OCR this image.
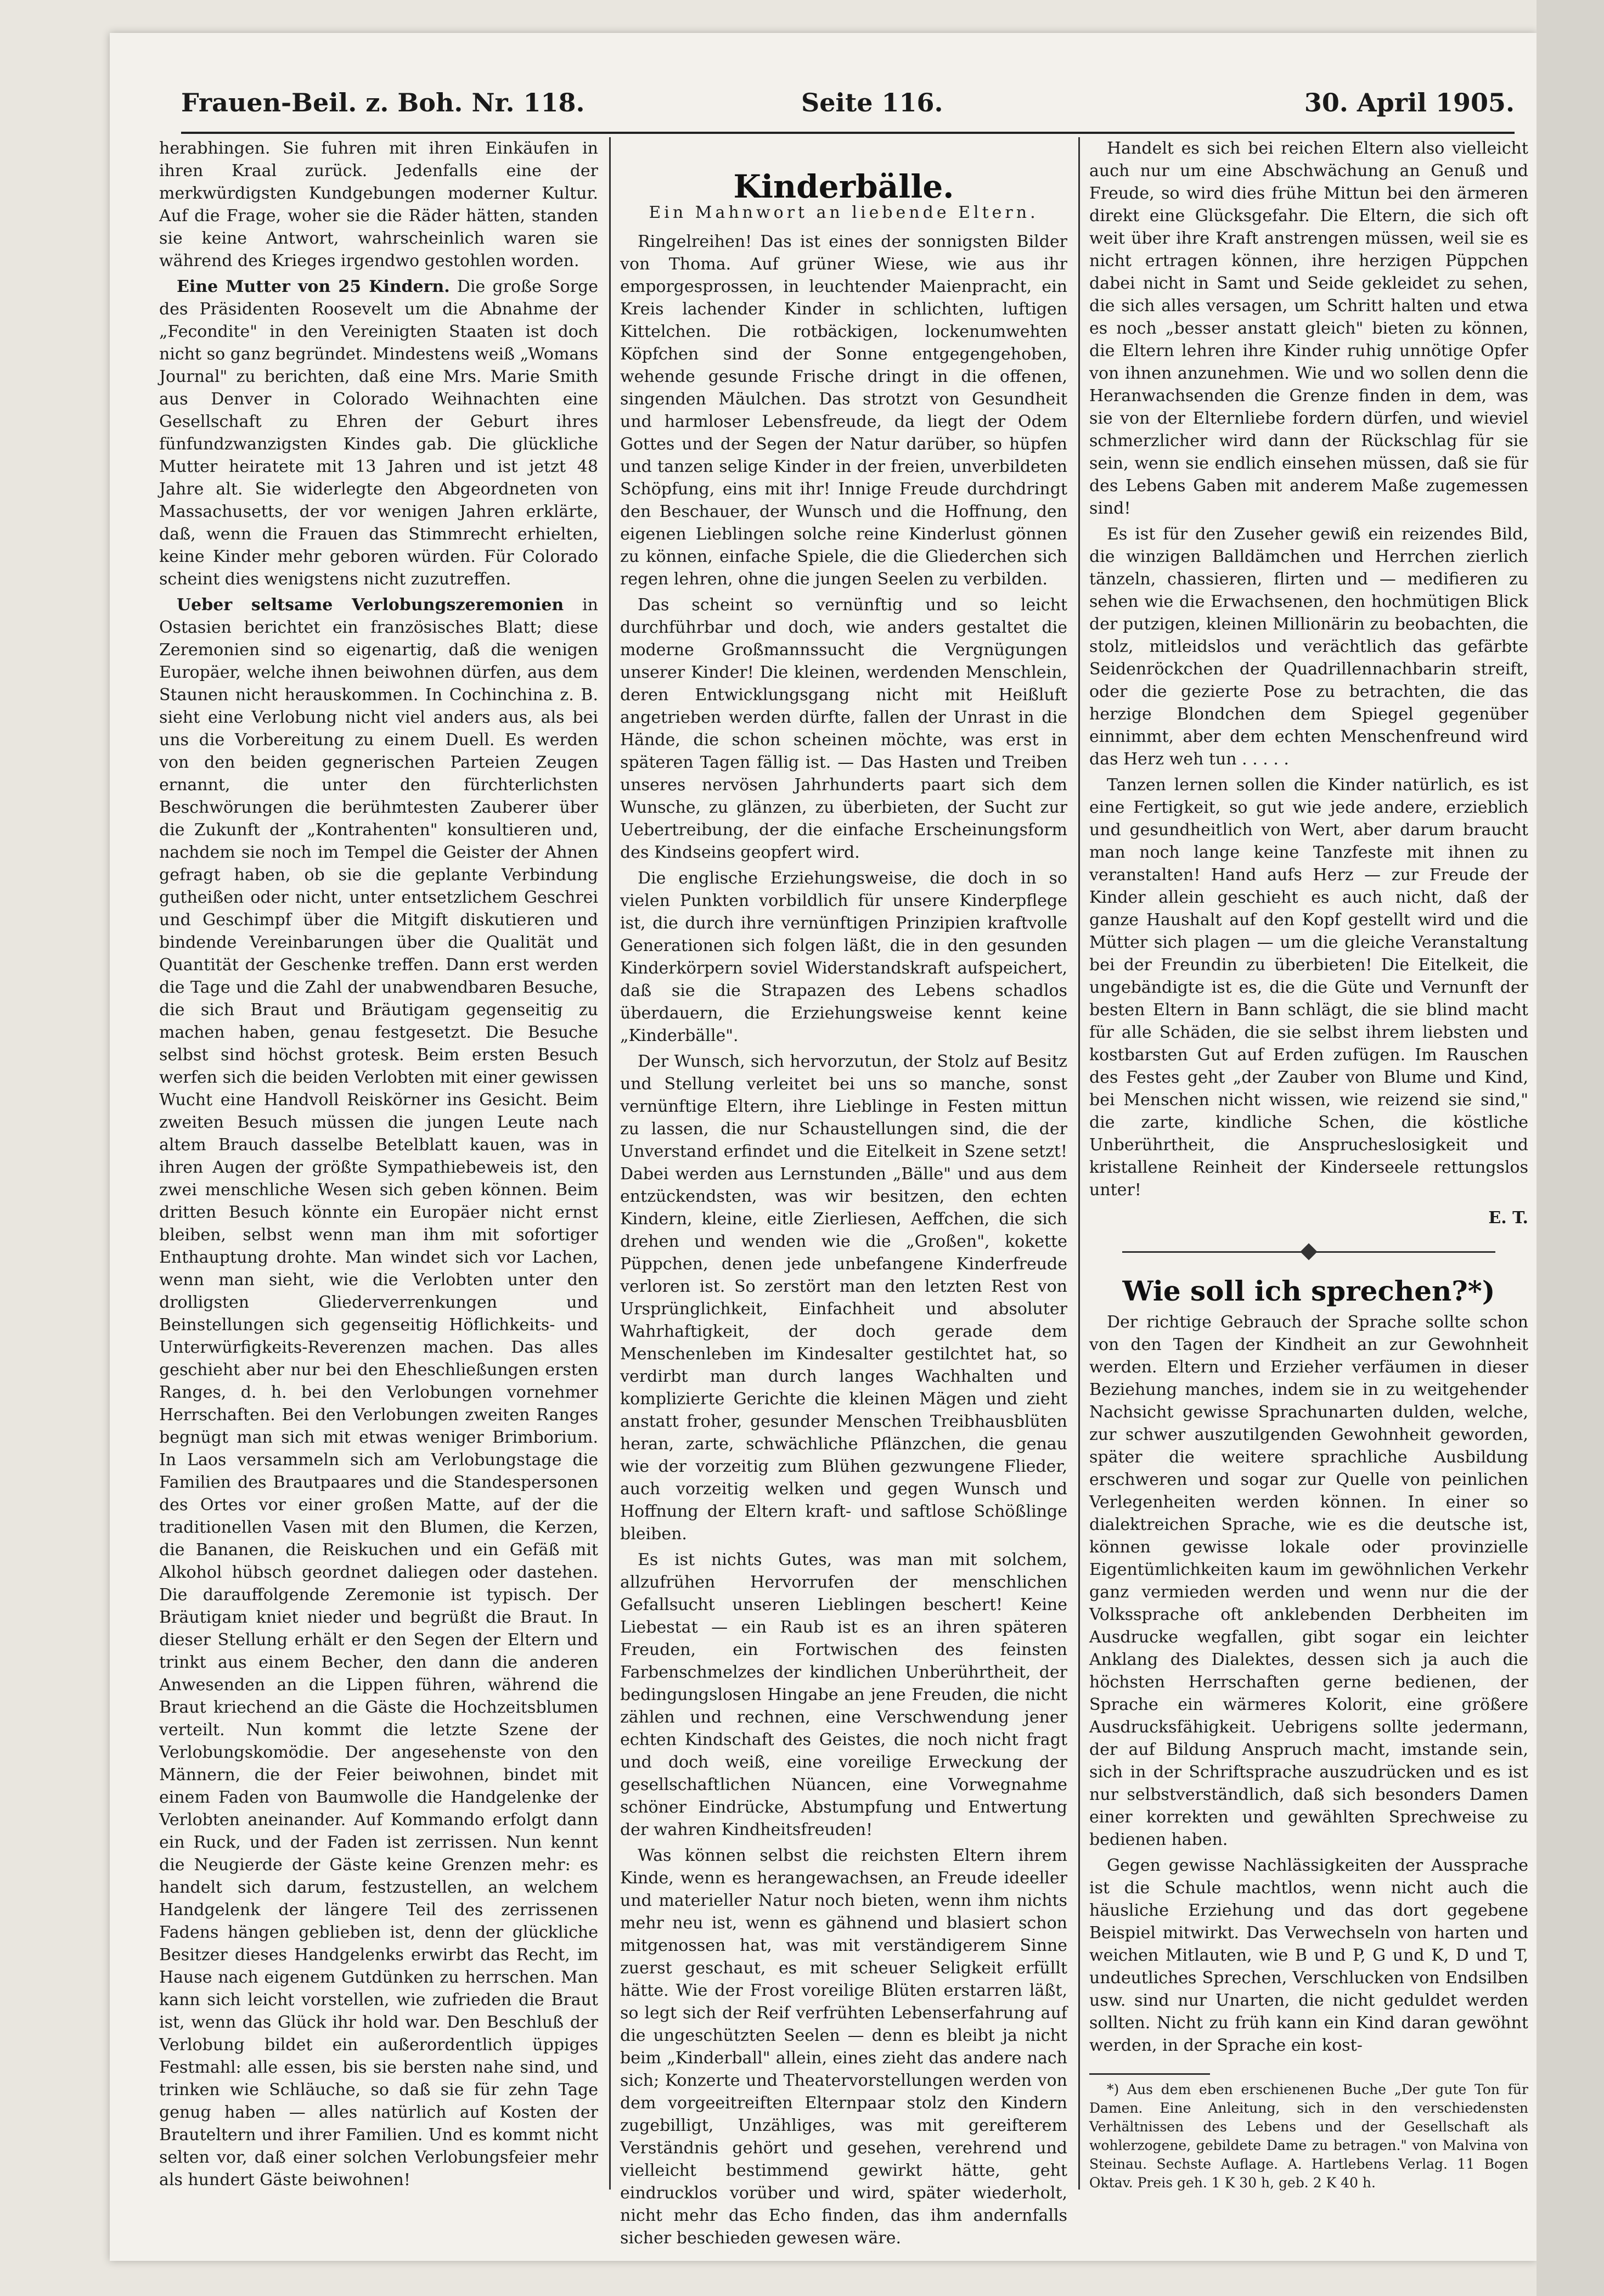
Frauen-Beil. z. Boh. Nr. 118.	Seite 116.	30. April 1905.

herabhingen. Sie fuhren mit ihren Einkäufen in ihren Kraal zurück. Jedenfalls eine der merkwürdigsten Kundgebungen moderner Kultur. Auf die Frage, woher sie die Räder hätten, standen sie keine Antwort, wahrscheinlich waren sie während des Krieges irgendwo gestohlen worden.

Eine Mutter von 25 Kindern. Die große Sorge des Präsidenten Roosevelt um die Abnahme der „Fecondite" in den Vereinigten Staaten ist doch nicht so ganz begründet. Mindestens weiß „Womans Journal" zu berichten, daß eine Mrs. Marie Smith aus Denver in Colorado Weihnachten eine Gesellschaft zu Ehren der Geburt ihres fünfundzwanzigsten Kindes gab. Die glückliche Mutter heiratete mit 13 Jahren und ist jetzt 48 Jahre alt. Sie widerlegte den Abgeordneten von Massachusetts, der vor wenigen Jahren erklärte, daß, wenn die Frauen das Stimmrecht erhielten, keine Kinder mehr geboren würden. Für Colorado scheint dies wenigstens nicht zuzutreffen.

Ueber seltsame Verlobungszeremonien in Ostasien berichtet ein französisches Blatt; diese Zeremonien sind so eigenartig, daß die wenigen Europäer, welche ihnen beiwohnen dürfen, aus dem Staunen nicht herauskommen. In Cochinchina z. B. sieht eine Verlobung nicht viel anders aus, als bei uns die Vorbereitung zu einem Duell. Es werden von den beiden gegnerischen Parteien Zeugen ernannt, die unter den fürchterlichsten Beschwörungen die berühmtesten Zauberer über die Zukunft der „Kontrahenten" konsultieren und, nachdem sie noch im Tempel die Geister der Ahnen gefragt haben, ob sie die geplante Verbindung gutheißen oder nicht, unter entsetzlichem Geschrei und Geschimpf über die Mitgift diskutieren und bindende Vereinbarungen über die Qualität und Quantität der Geschenke treffen. Dann erst werden die Tage und die Zahl der unabwendbaren Besuche, die sich Braut und Bräutigam gegenseitig zu machen haben, genau festgesetzt. Die Besuche selbst sind höchst grotesk. Beim ersten Besuch werfen sich die beiden Verlobten mit einer gewissen Wucht eine Handvoll Reiskörner ins Gesicht. Beim zweiten Besuch müssen die jungen Leute nach altem Brauch dasselbe Betelblatt kauen, was in ihren Augen der größte Sympathiebeweis ist, den zwei menschliche Wesen sich geben können. Beim dritten Besuch könnte ein Europäer nicht ernst bleiben, selbst wenn man ihm mit sofortiger Enthauptung drohte. Man windet sich vor Lachen, wenn man sieht, wie die Verlobten unter den drolligsten Gliederverrenkungen und Beinstellungen sich gegenseitig Höflichkeits- und Unterwürfigkeits-Reverenzen machen. Das alles geschieht aber nur bei den Eheschließungen ersten Ranges, d. h. bei den Verlobungen vornehmer Herrschaften. Bei den Verlobungen zweiten Ranges begnügt man sich mit etwas weniger Brimborium. In Laos versammeln sich am Verlobungstage die Familien des Brautpaares und die Standespersonen des Ortes vor einer großen Matte, auf der die traditionellen Vasen mit den Blumen, die Kerzen, die Bananen, die Reiskuchen und ein Gefäß mit Alkohol hübsch geordnet daliegen oder dastehen. Die darauffolgende Zeremonie ist typisch. Der Bräutigam kniet nieder und begrüßt die Braut. In dieser Stellung erhält er den Segen der Eltern und trinkt aus einem Becher, den dann die anderen Anwesenden an die Lippen führen, während die Braut kriechend an die Gäste die Hochzeitsblumen verteilt. Nun kommt die letzte Szene der Verlobungskomödie. Der angesehenste von den Männern, die der Feier beiwohnen, bindet mit einem Faden von Baumwolle die Handgelenke der Verlobten aneinander. Auf Kommando erfolgt dann ein Ruck, und der Faden ist zerrissen. Nun kennt die Neugierde der Gäste keine Grenzen mehr: es handelt sich darum, festzustellen, an welchem Handgelenk der längere Teil des zerrissenen Fadens hängen geblieben ist, denn der glückliche Besitzer dieses Handgelenks erwirbt das Recht, im Hause nach eigenem Gutdünken zu herrschen. Man kann sich leicht vorstellen, wie zufrieden die Braut ist, wenn das Glück ihr hold war. Den Beschluß der Verlobung bildet ein außerordentlich üppiges Festmahl: alle essen, bis sie bersten nahe sind, und trinken wie Schläuche, so daß sie für zehn Tage genug haben — alles natürlich auf Kosten der Brauteltern und ihrer Familien. Und es kommt nicht selten vor, daß einer solchen Verlobungsfeier mehr als hundert Gäste beiwohnen!

Kinderbälle.
Ein Mahnwort an liebende Eltern.

Ringelreihen! Das ist eines der sonnigsten Bilder von Thoma. Auf grüner Wiese, wie aus ihr emporgesprossen, in leuchtender Maienpracht, ein Kreis lachender Kinder in schlichten, luftigen Kittelchen. Die rotbäckigen, lockenumwehten Köpfchen sind der Sonne entgegengehoben, wehende gesunde Frische dringt in die offenen, singenden Mäulchen. Das strotzt von Gesundheit und harmloser Lebensfreude, da liegt der Odem Gottes und der Segen der Natur darüber, so hüpfen und tanzen selige Kinder in der freien, unverbildeten Schöpfung, eins mit ihr! Innige Freude durchdringt den Beschauer, der Wunsch und die Hoffnung, den eigenen Lieblingen solche reine Kinderlust gönnen zu können, einfache Spiele, die die Gliederchen sich regen lehren, ohne die jungen Seelen zu verbilden.

Das scheint so vernünftig und so leicht durchführbar und doch, wie anders gestaltet die moderne Großmannssucht die Vergnügungen unserer Kinder! Die kleinen, werdenden Menschlein, deren Entwicklungsgang nicht mit Heißluft angetrieben werden dürfte, fallen der Unrast in die Hände, die schon scheinen möchte, was erst in späteren Tagen fällig ist. — Das Hasten und Treiben unseres nervösen Jahrhunderts paart sich dem Wunsche, zu glänzen, zu überbieten, der Sucht zur Uebertreibung, der die einfache Erscheinungsform des Kindseins geopfert wird.

Die englische Erziehungsweise, die doch in so vielen Punkten vorbildlich für unsere Kinderpflege ist, die durch ihre vernünftigen Prinzipien kraftvolle Generationen sich folgen läßt, die in den gesunden Kinderkörpern soviel Widerstandskraft aufspeichert, daß sie die Strapazen des Lebens schadlos überdauern, die Erziehungsweise kennt keine „Kinderbälle".

Der Wunsch, sich hervorzutun, der Stolz auf Besitz und Stellung verleitet bei uns so manche, sonst vernünftige Eltern, ihre Lieblinge in Festen mittun zu lassen, die nur Schaustellungen sind, die der Unverstand erfindet und die Eitelkeit in Szene setzt! Dabei werden aus Lernstunden „Bälle" und aus dem entzückendsten, was wir besitzen, den echten Kindern, kleine, eitle Zierliesen, Aeffchen, die sich drehen und wenden wie die „Großen", kokette Püppchen, denen jede unbefangene Kinderfreude verloren ist. So zerstört man den letzten Rest von Ursprünglichkeit, Einfachheit und absoluter Wahrhaftigkeit, der doch gerade dem Menschenleben im Kindesalter gestilchtet hat, so verdirbt man durch langes Wachhalten und komplizierte Gerichte die kleinen Mägen und zieht anstatt froher, gesunder Menschen Treibhausblüten heran, zarte, schwächliche Pflänzchen, die genau wie der vorzeitig zum Blühen gezwungene Flieder, auch vorzeitig welken und gegen Wunsch und Hoffnung der Eltern kraft- und saftlose Schößlinge bleiben.

Es ist nichts Gutes, was man mit solchem, allzufrühen Hervorrufen der menschlichen Gefallsucht unseren Lieblingen beschert! Keine Liebestat — ein Raub ist es an ihren späteren Freuden, ein Fortwischen des feinsten Farbenschmelzes der kindlichen Unberührtheit, der bedingungslosen Hingabe an jene Freuden, die nicht zählen und rechnen, eine Verschwendung jener echten Kindschaft des Geistes, die noch nicht fragt und doch weiß, eine voreilige Erweckung der gesellschaftlichen Nüancen, eine Vorwegnahme schöner Eindrücke, Abstumpfung und Entwertung der wahren Kindheitsfreuden!

Was können selbst die reichsten Eltern ihrem Kinde, wenn es herangewachsen, an Freude ideeller und materieller Natur noch bieten, wenn ihm nichts mehr neu ist, wenn es gähnend und blasiert schon mitgenossen hat, was mit verständigerem Sinne zuerst geschaut, es mit scheuer Seligkeit erfüllt hätte. Wie der Frost voreilige Blüten erstarren läßt, so legt sich der Reif verfrühten Lebenserfahrung auf die ungeschützten Seelen — denn es bleibt ja nicht beim „Kinderball" allein, eines zieht das andere nach sich; Konzerte und Theatervorstellungen werden von dem vorgeeitreiften Elternpaar stolz den Kindern zugebilligt, Unzähliges, was mit gereifterem Verständnis gehört und gesehen, verehrend und vielleicht bestimmend gewirkt hätte, geht eindrucklos vorüber und wird, später wiederholt, nicht mehr das Echo finden, das ihm andernfalls sicher beschieden gewesen wäre.

Handelt es sich bei reichen Eltern also vielleicht auch nur um eine Abschwächung an Genuß und Freude, so wird dies frühe Mittun bei den ärmeren direkt eine Glücksgefahr. Die Eltern, die sich oft weit über ihre Kraft anstrengen müssen, weil sie es nicht ertragen können, ihre herzigen Püppchen dabei nicht in Samt und Seide gekleidet zu sehen, die sich alles versagen, um Schritt halten und etwa es noch „besser anstatt gleich" bieten zu können, die Eltern lehren ihre Kinder ruhig unnötige Opfer von ihnen anzunehmen. Wie und wo sollen denn die Heranwachsenden die Grenze finden in dem, was sie von der Elternliebe fordern dürfen, und wieviel schmerzlicher wird dann der Rückschlag für sie sein, wenn sie endlich einsehen müssen, daß sie für des Lebens Gaben mit anderem Maße zugemessen sind!

Es ist für den Zuseher gewiß ein reizendes Bild, die winzigen Balldämchen und Herrchen zierlich tänzeln, chassieren, flirten und — medifieren zu sehen wie die Erwachsenen, den hochmütigen Blick der putzigen, kleinen Millionärin zu beobachten, die stolz, mitleidslos und verächtlich das gefärbte Seidenröckchen der Quadrillennachbarin streift, oder die gezierte Pose zu betrachten, die das herzige Blondchen dem Spiegel gegenüber einnimmt, aber dem echten Menschenfreund wird das Herz weh tun . . . . .

Tanzen lernen sollen die Kinder natürlich, es ist eine Fertigkeit, so gut wie jede andere, erzieblich und gesundheitlich von Wert, aber darum braucht man noch lange keine Tanzfeste mit ihnen zu veranstalten! Hand aufs Herz — zur Freude der Kinder allein geschieht es auch nicht, daß der ganze Haushalt auf den Kopf gestellt wird und die Mütter sich plagen — um die gleiche Veranstaltung bei der Freundin zu überbieten! Die Eitelkeit, die ungebändigte ist es, die die Güte und Vernunft der besten Eltern in Bann schlägt, die sie blind macht für alle Schäden, die sie selbst ihrem liebsten und kostbarsten Gut auf Erden zufügen. Im Rauschen des Festes geht „der Zauber von Blume und Kind, bei Menschen nicht wissen, wie reizend sie sind," die zarte, kindliche Schen, die köstliche Unberührtheit, die Ansprucheslosigkeit und kristallene Reinheit der Kinderseele rettungslos unter!

E. T.
Wie soll ich sprechen?*)

Der richtige Gebrauch der Sprache sollte schon von den Tagen der Kindheit an zur Gewohnheit werden. Eltern und Erzieher verfäumen in dieser Beziehung manches, indem sie in zu weitgehender Nachsicht gewisse Sprachunarten dulden, welche, zur schwer auszutilgenden Gewohnheit geworden, später die weitere sprachliche Ausbildung erschweren und sogar zur Quelle von peinlichen Verlegenheiten werden können. In einer so dialektreichen Sprache, wie es die deutsche ist, können gewisse lokale oder provinzielle Eigentümlichkeiten kaum im gewöhnlichen Verkehr ganz vermieden werden und wenn nur die der Volkssprache oft anklebenden Derbheiten im Ausdrucke wegfallen, gibt sogar ein leichter Anklang des Dialektes, dessen sich ja auch die höchsten Herrschaften gerne bedienen, der Sprache ein wärmeres Kolorit, eine größere Ausdrucksfähigkeit. Uebrigens sollte jedermann, der auf Bildung Anspruch macht, imstande sein, sich in der Schriftsprache auszudrücken und es ist nur selbstverständlich, daß sich besonders Damen einer korrekten und gewählten Sprechweise zu bedienen haben.

Gegen gewisse Nachlässigkeiten der Aussprache ist die Schule machtlos, wenn nicht auch die häusliche Erziehung und das dort gegebene Beispiel mitwirkt. Das Verwechseln von harten und weichen Mitlauten, wie B und P, G und K, D und T, undeutliches Sprechen, Verschlucken von Endsilben usw. sind nur Unarten, die nicht geduldet werden sollten. Nicht zu früh kann ein Kind daran gewöhnt werden, in der Sprache ein kost-

*) Aus dem eben erschienenen Buche „Der gute Ton für Damen. Eine Anleitung, sich in den verschiedensten Verhältnissen des Lebens und der Gesellschaft als wohlerzogene, gebildete Dame zu betragen." von Malvina von Steinau. Sechste Auflage. A. Hartlebens Verlag. 11 Bogen Oktav. Preis geh. 1 K 30 h, geb. 2 K 40 h.
